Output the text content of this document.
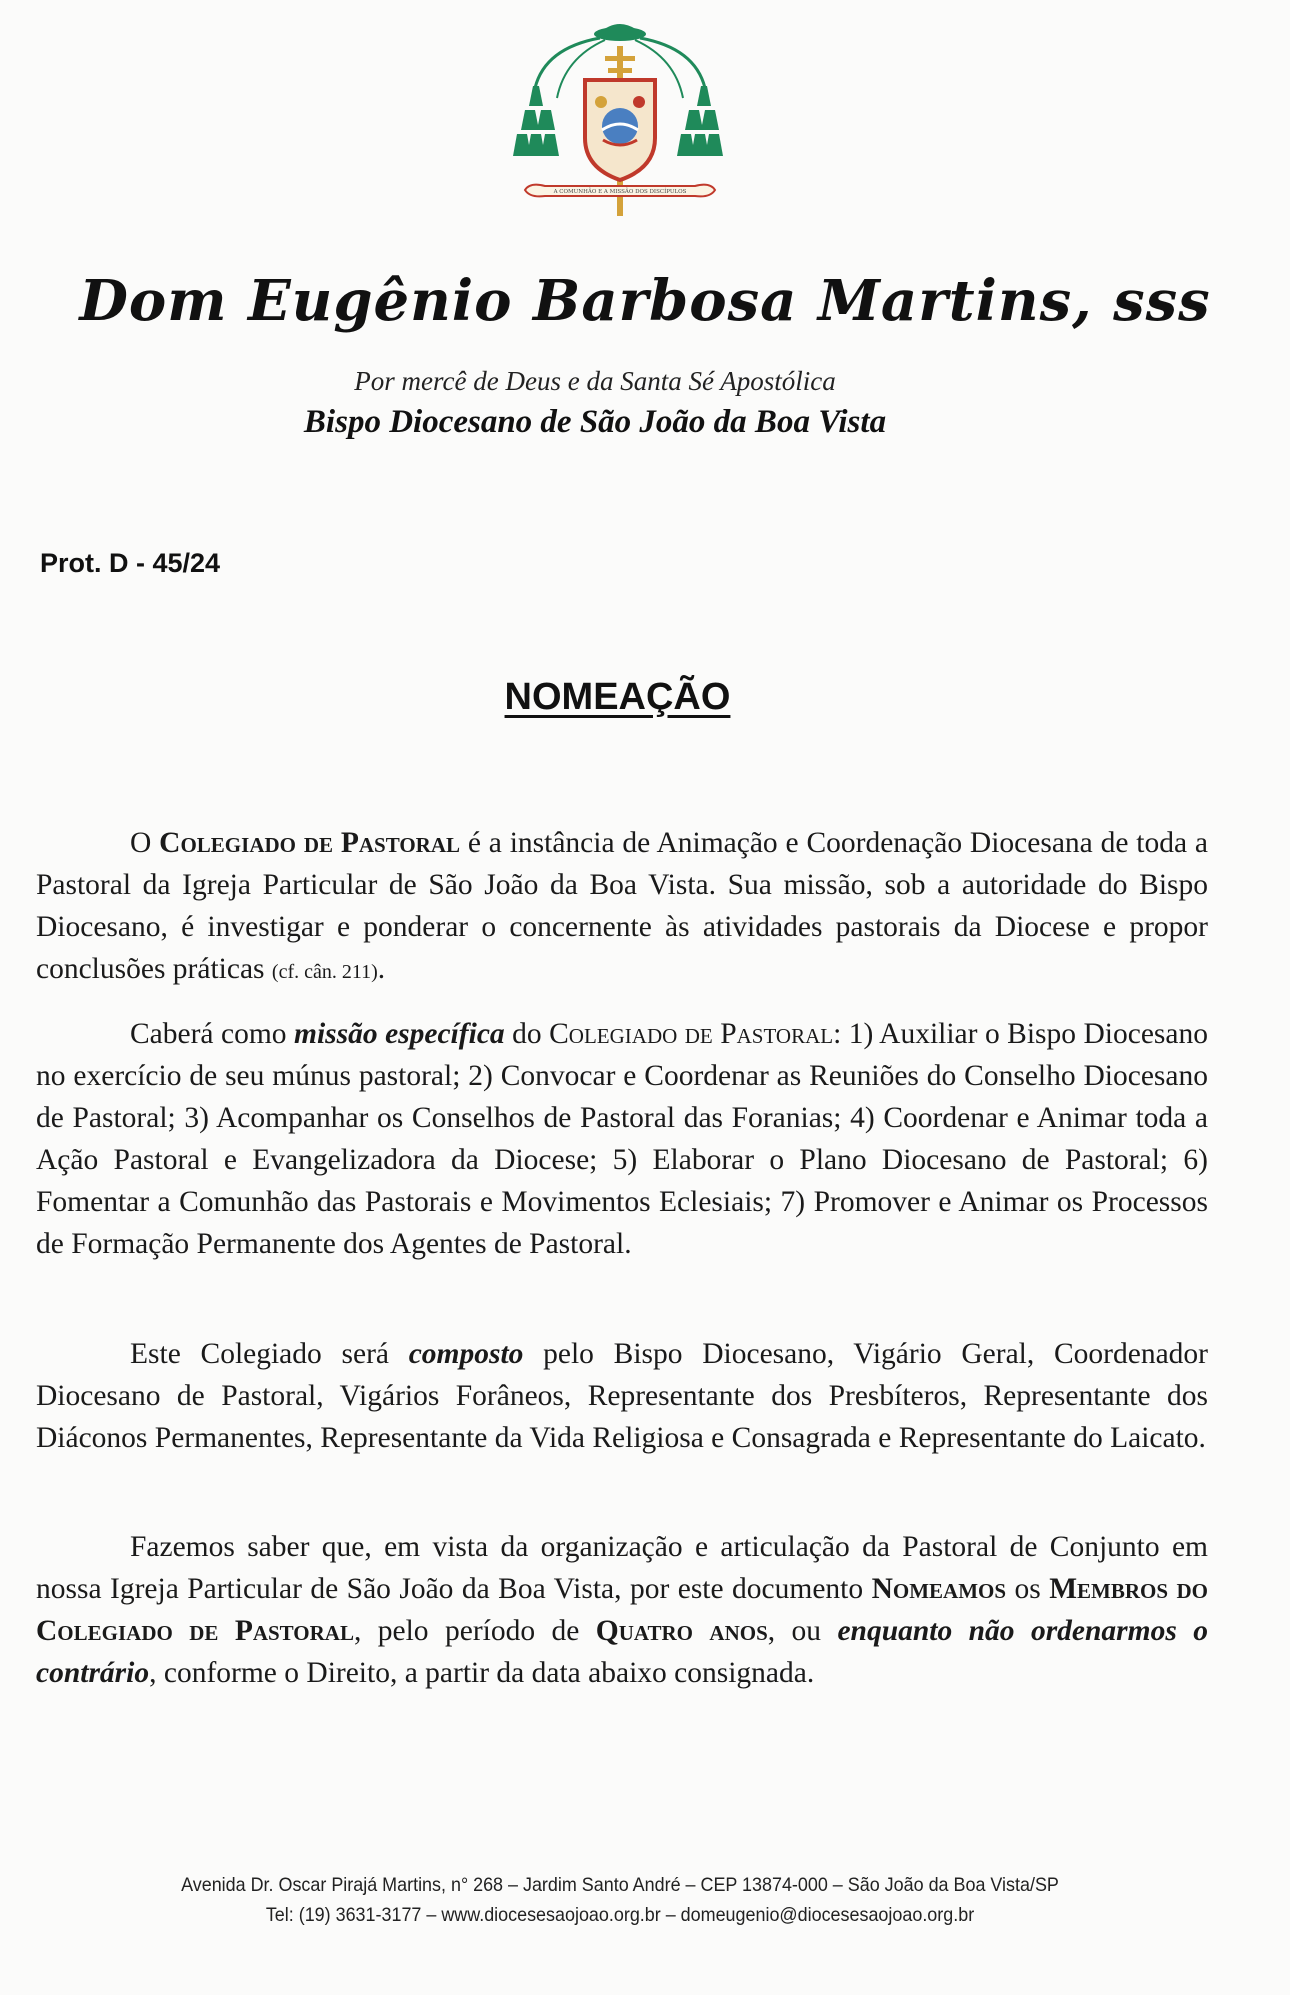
A COMUNHÃO E A MISSÃO DOS DISCÍPULOS
Dom Eugênio Barbosa Martins, sss
Por mercê de Deus e da Santa Sé Apostólica
Bispo Diocesano de São João da Boa Vista
Prot. D - 45/24
NOMEAÇÃO

O Colegiado de Pastoral é a instância de Animação e Coordenação Diocesana de toda a Pastoral da Igreja Particular de São João da Boa Vista. Sua missão, sob a autoridade do Bispo Diocesano, é investigar e ponderar o concernente às atividades pastorais da Diocese e propor conclusões práticas (cf. cân. 211).

Caberá como missão específica do Colegiado de Pastoral: 1) Auxiliar o Bispo Diocesano no exercício de seu múnus pastoral; 2) Convocar e Coordenar as Reuniões do Conselho Diocesano de Pastoral; 3) Acompanhar os Conselhos de Pastoral das Foranias; 4) Coordenar e Animar toda a Ação Pastoral e Evangelizadora da Diocese; 5) Elaborar o Plano Diocesano de Pastoral; 6) Fomentar a Comunhão das Pastorais e Movimentos Eclesiais; 7) Promover e Animar os Processos de Formação Permanente dos Agentes de Pastoral.

Este Colegiado será composto pelo Bispo Diocesano, Vigário Geral, Coordenador Diocesano de Pastoral, Vigários Forâneos, Representante dos Presbíteros, Representante dos Diáconos Permanentes, Representante da Vida Religiosa e Consagrada e Representante do Laicato.

Fazemos saber que, em vista da organização e articulação da Pastoral de Conjunto em nossa Igreja Particular de São João da Boa Vista, por este documento Nomeamos os Membros do Colegiado de Pastoral, pelo período de Quatro anos, ou enquanto não ordenarmos o contrário, conforme o Direito, a partir da data abaixo consignada.

Avenida Dr. Oscar Pirajá Martins, n° 268 – Jardim Santo André – CEP 13874-000 – São João da Boa Vista/SP
Tel: (19) 3631-3177 – www.diocesesaojoao.org.br – domeugenio@diocesesaojoao.org.br
